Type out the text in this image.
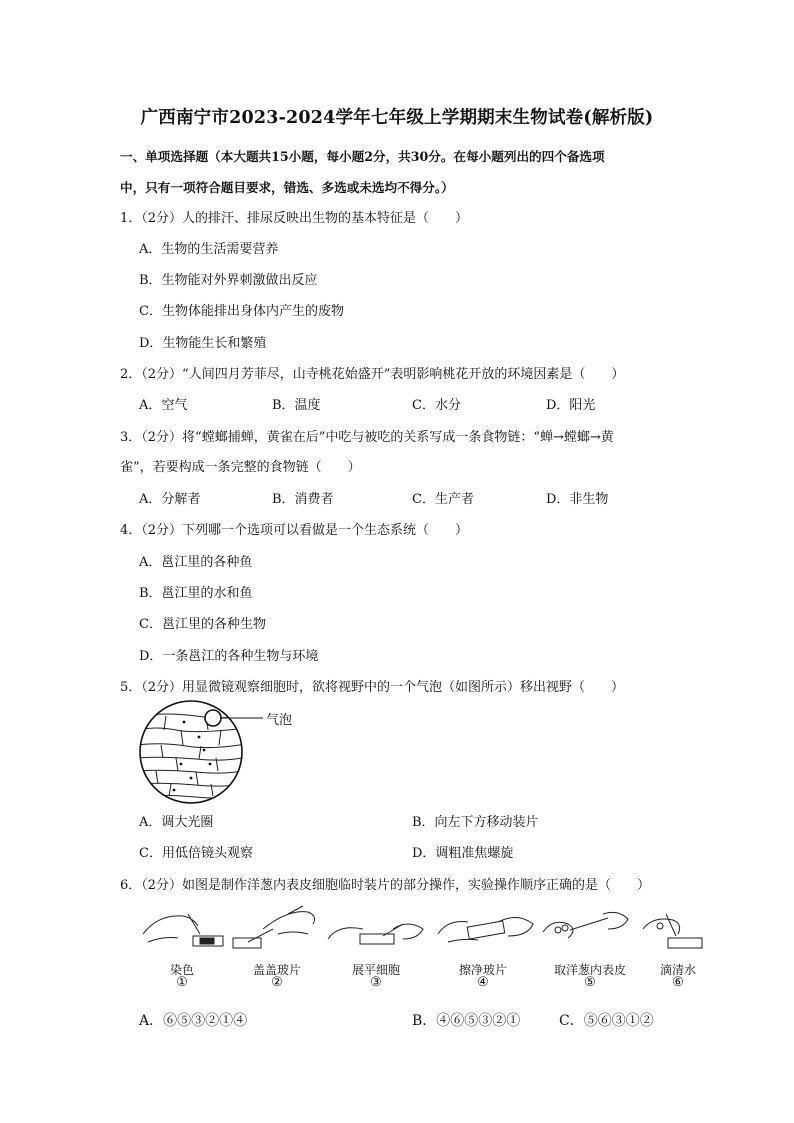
广西南宁市2023-2024学年七年级上学期期末生物试卷(解析版)
一、单项选择题（本大题共15小题，每小题2分，共30分。在每小题列出的四个备选项
中，只有一项符合题目要求，错选、多选或未选均不得分。）
1．（2分）人的排汗、排尿反映出生物的基本特征是（　　）
A．生物的生活需要营养
B．生物能对外界刺激做出反应
C．生物体能排出身体内产生的废物
D．生物能生长和繁殖
2．（2分）“人间四月芳菲尽，山寺桃花始盛开”表明影响桃花开放的环境因素是（　　）
A．空气	B．温度	C．水分	D．阳光
3．（2分）将“螳螂捕蝉，黄雀在后”中吃与被吃的关系写成一条食物链：“蝉→螳螂→黄
雀”，若要构成一条完整的食物链（　　）
A．分解者	B．消费者	C．生产者	D．非生物
4．（2分）下列哪一个选项可以看做是一个生态系统（　　）
A．邕江里的各种鱼
B．邕江里的水和鱼
C．邕江里的各种生物
D．一条邕江的各种生物与环境
5．（2分）用显微镜观察细胞时，欲将视野中的一个气泡（如图所示）移出视野（　　）
气泡
A．调大光圈	B．向左下方移动装片
C．用低倍镜头观察	D．调粗准焦螺旋
6．（2分）如图是制作洋葱内表皮细胞临时装片的部分操作，实验操作顺序正确的是（　　）
染色	盖盖玻片	展平细胞	擦净玻片	取洋葱内表皮	滴清水
①	②	③	④	⑤	⑥
A．⑥⑤③②①④	B．④⑥⑤③②①	C．⑤⑥③①②
